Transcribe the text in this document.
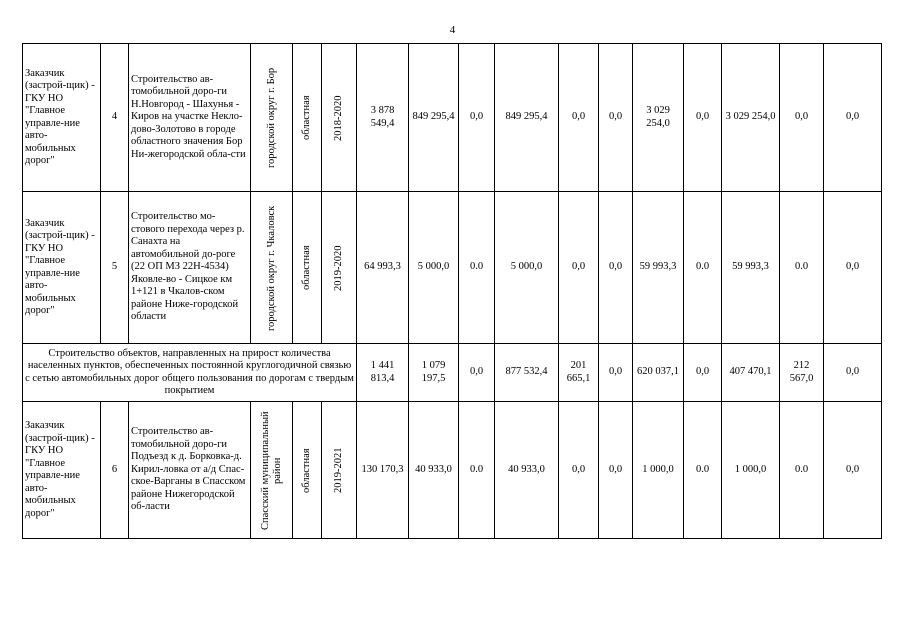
4
Заказчик (застрой-щик) - ГКУ НО "Главное управле-ние авто-мобильных дорог"	4	Строительство ав-томобильной доро-ги Н.Новгород - Шахунья - Киров на участке Некло-дово-Золотово в городе областного значения Бор Ни-жегородской обла-сти	городской округ г. Бор	областная	2018-2020	3 878 549,4	849 295,4	0,0	849 295,4	0,0	0,0	3 029 254,0	0,0	3 029 254,0	0,0	0,0
Заказчик (застрой-щик) - ГКУ НО "Главное управле-ние авто-мобильных дорог"	5	Строительство мо-стового перехода через р. Санахта на автомобильной до-роге (22 ОП МЗ 22Н-4534) Яковле-во - Сицкое км 1+121 в Чкалов-ском районе Ниже-городской области	городской округ г. Чкаловск	областная	2019-2020	64 993,3	5 000,0	0.0	5 000,0	0,0	0,0	59 993,3	0.0	59 993,3	0.0	0,0
Строительство объектов, направленных на прирост количества населенных пунктов, обеспеченных постоянной круглогодичной связью с сетью автомобильных дорог общего пользования по дорогам с твердым покрытием						1 441 813,4	1 079 197,5	0,0	877 532,4	201 665,1	0,0	620 037,1	0,0	407 470,1	212 567,0	0,0
Заказчик (застрой-щик) - ГКУ НО "Главное управле-ние авто-мобильных дорог"	6	Строительство ав-томобильной доро-ги Подъезд к д. Борковка-д. Кирил-ловка от а/д Спас-ское-Варганы в Спасском районе Нижегородской об-ласти	Спасский муниципальный район	областная	2019-2021	130 170,3	40 933,0	0.0	40 933,0	0,0	0,0	1 000,0	0.0	1 000,0	0.0	0,0
